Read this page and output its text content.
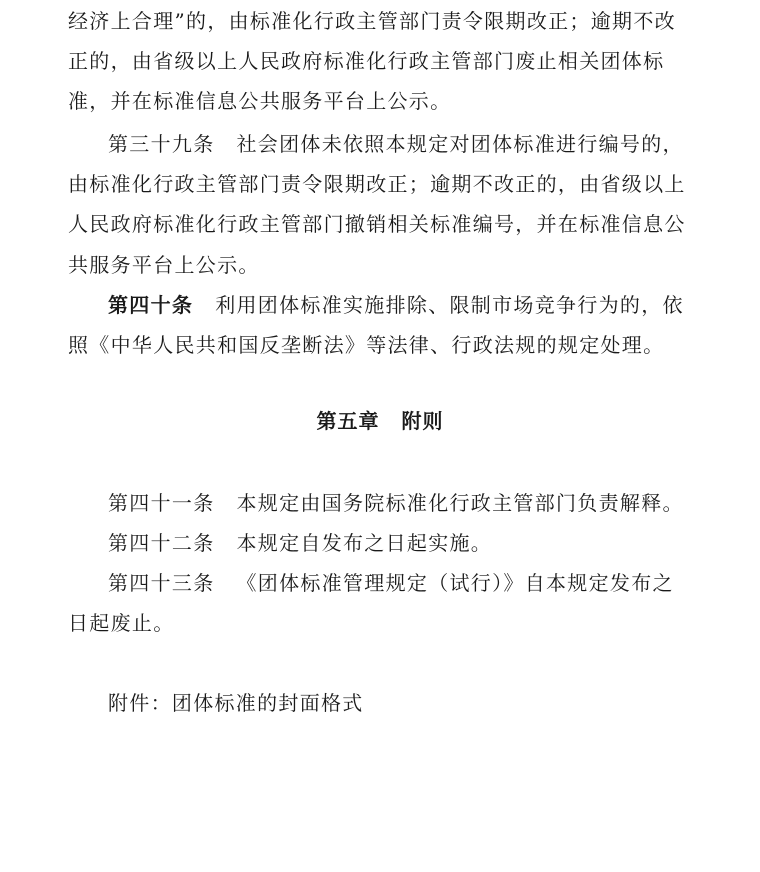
经济上合理”的，由标准化行政主管部门责令限期改正；逾期不改
正的，由省级以上人民政府标准化行政主管部门废止相关团体标
准，并在标准信息公共服务平台上公示。
第三十九条 社会团体未依照本规定对团体标准进行编号的，
由标准化行政主管部门责令限期改正；逾期不改正的，由省级以上
人民政府标准化行政主管部门撤销相关标准编号，并在标准信息公
共服务平台上公示。
第四十条 利用团体标准实施排除、限制市场竞争行为的，依
照《中华人民共和国反垄断法》等法律、行政法规的规定处理。
第五章 附则
第四十一条 本规定由国务院标准化行政主管部门负责解释。
第四十二条 本规定自发布之日起实施。
第四十三条 《团体标准管理规定（试行）》自本规定发布之
日起废止。
附件：团体标准的封面格式
